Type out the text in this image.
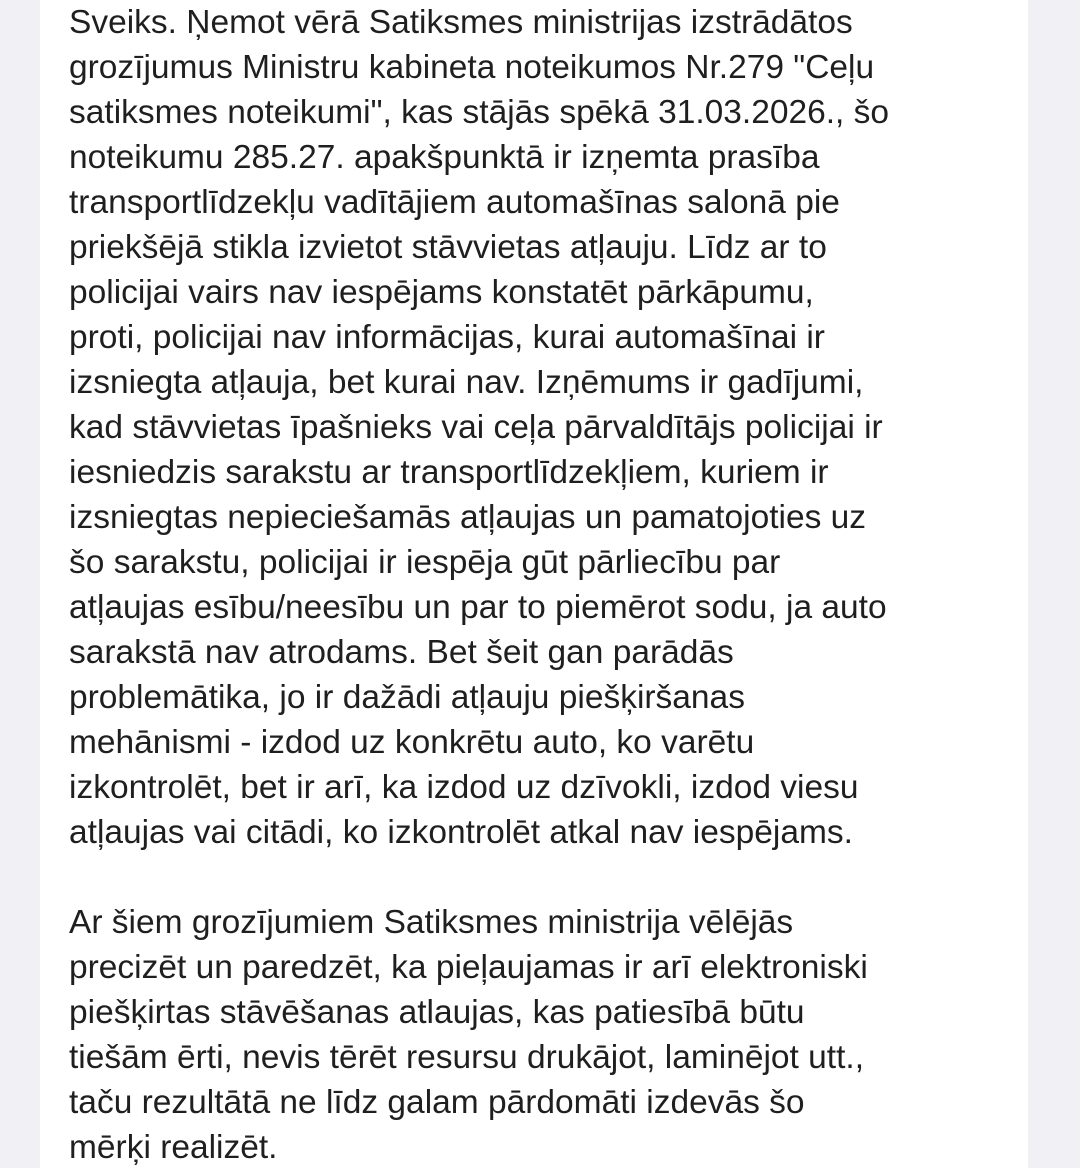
Sveiks. Ņemot vērā Satiksmes ministrijas izstrādātos
grozījumus Ministru kabineta noteikumos Nr.279 "Ceļu
satiksmes noteikumi", kas stājās spēkā 31.03.2026., šo
noteikumu 285.27. apakšpunktā ir izņemta prasība
transportlīdzekļu vadītājiem automašīnas salonā pie
priekšējā stikla izvietot stāvvietas atļauju. Līdz ar to
policijai vairs nav iespējams konstatēt pārkāpumu,
proti, policijai nav informācijas, kurai automašīnai ir
izsniegta atļauja, bet kurai nav. Izņēmums ir gadījumi,
kad stāvvietas īpašnieks vai ceļa pārvaldītājs policijai ir
iesniedzis sarakstu ar transportlīdzekļiem, kuriem ir
izsniegtas nepieciešamās atļaujas un pamatojoties uz
šo sarakstu, policijai ir iespēja gūt pārliecību par
atļaujas esību/neesību un par to piemērot sodu, ja auto
sarakstā nav atrodams. Bet šeit gan parādās
problemātika, jo ir dažādi atļauju piešķiršanas
mehānismi - izdod uz konkrētu auto, ko varētu
izkontrolēt, bet ir arī, ka izdod uz dzīvokli, izdod viesu
atļaujas vai citādi, ko izkontrolēt atkal nav iespējams.
Ar šiem grozījumiem Satiksmes ministrija vēlējās
precizēt un paredzēt, ka pieļaujamas ir arī elektroniski
piešķirtas stāvēšanas atlaujas, kas patiesībā būtu
tiešām ērti, nevis tērēt resursu drukājot, laminējot utt.,
taču rezultātā ne līdz galam pārdomāti izdevās šo
mērķi realizēt.
